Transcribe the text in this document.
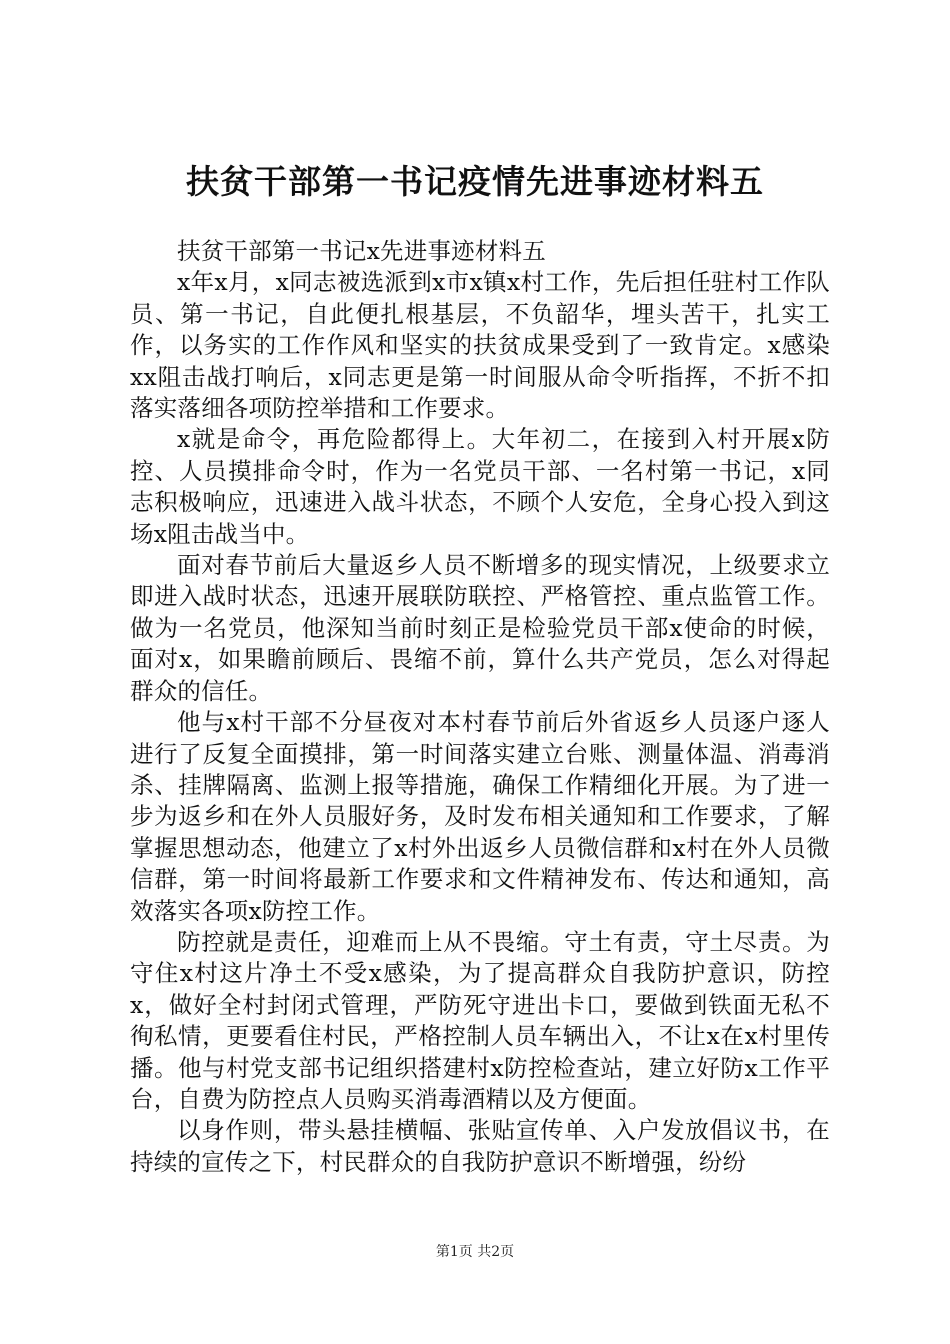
扶贫干部第一书记疫情先进事迹材料五

扶贫干部第一书记x先进事迹材料五

x年x月，x同志被选派到x市x镇x村工作，先后担任驻村工作队员、第一书记，自此便扎根基层，不负韶华，埋头苦干，扎实工作，以务实的工作作风和坚实的扶贫成果受到了一致肯定。x感染xx阻击战打响后，x同志更是第一时间服从命令听指挥，不折不扣落实落细各项防控举措和工作要求。

x就是命令，再危险都得上。大年初二，在接到入村开展x防控、人员摸排命令时，作为一名党员干部、一名村第一书记，x同志积极响应，迅速进入战斗状态，不顾个人安危，全身心投入到这场x阻击战当中。

面对春节前后大量返乡人员不断增多的现实情况，上级要求立即进入战时状态，迅速开展联防联控、严格管控、重点监管工作。做为一名党员，他深知当前时刻正是检验党员干部x使命的时候，面对x，如果瞻前顾后、畏缩不前，算什么共产党员，怎么对得起群众的信任。

他与x村干部不分昼夜对本村春节前后外省返乡人员逐户逐人进行了反复全面摸排，第一时间落实建立台账、测量体温、消毒消杀、挂牌隔离、监测上报等措施，确保工作精细化开展。为了进一步为返乡和在外人员服好务，及时发布相关通知和工作要求，了解掌握思想动态，他建立了x村外出返乡人员微信群和x村在外人员微信群，第一时间将最新工作要求和文件精神发布、传达和通知，高效落实各项x防控工作。

防控就是责任，迎难而上从不畏缩。守土有责，守土尽责。为守住x村这片净土不受x感染，为了提高群众自我防护意识，防控x，做好全村封闭式管理，严防死守进出卡口，要做到铁面无私不徇私情，更要看住村民，严格控制人员车辆出入，不让x在x村里传播。他与村党支部书记组织搭建村x防控检查站，建立好防x工作平台，自费为防控点人员购买消毒酒精以及方便面。

以身作则，带头悬挂横幅、张贴宣传单、入户发放倡议书，在持续的宣传之下，村民群众的自我防护意识不断增强，纷纷

第1页 共2页
